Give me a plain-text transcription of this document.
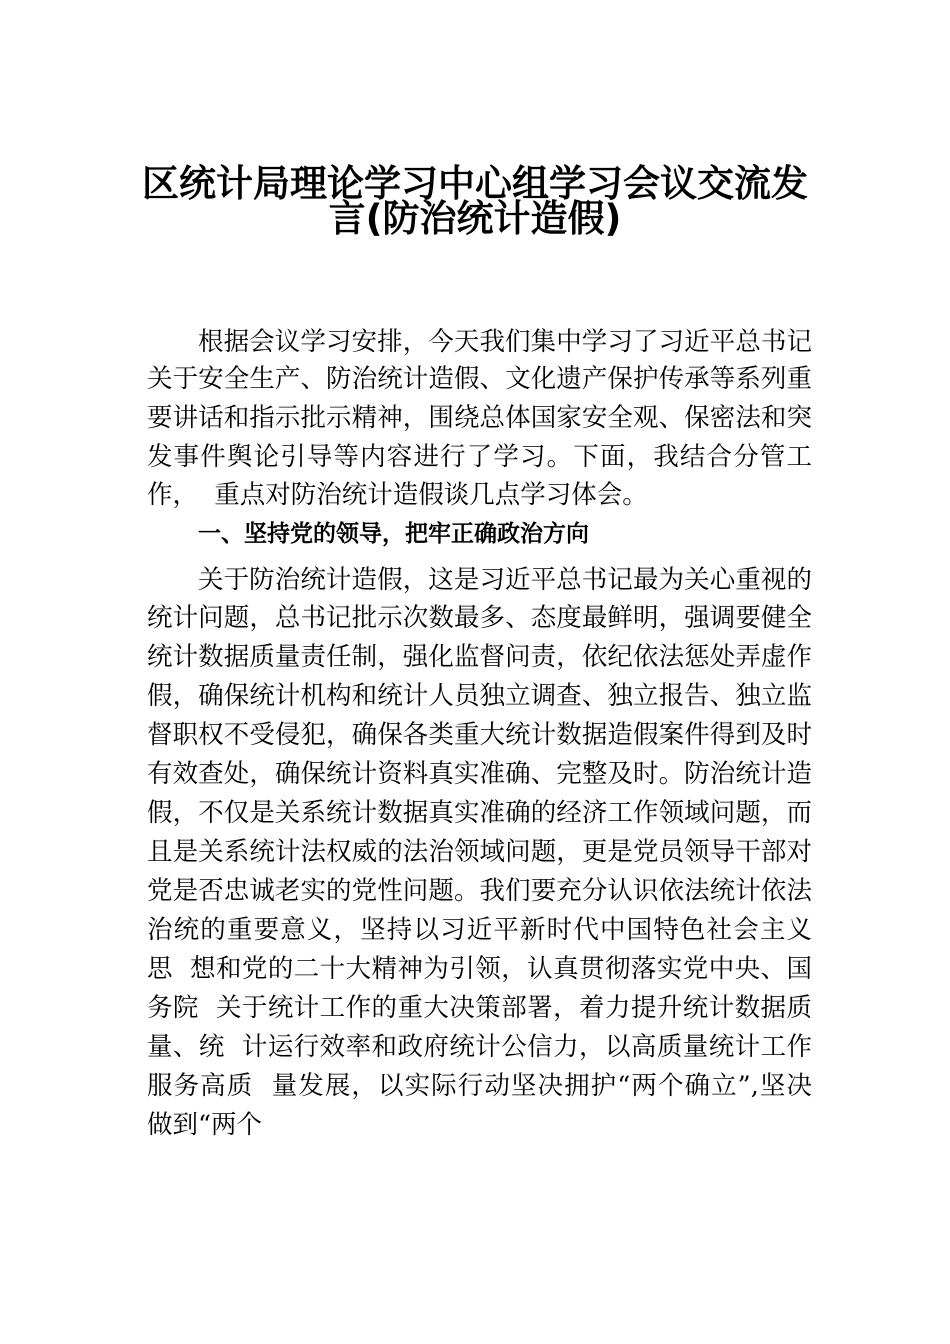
区统计局理论学习中心组学习会议交流发
言(防治统计造假)
根据会议学习安排，今天我们集中学习了习近平总书记
关于安全生产、防治统计造假、文化遗产保护传承等系列重
要讲话和指示批示精神，围绕总体国家安全观、保密法和突
发事件舆论引导等内容进行了学习。下面，我结合分管工
作，  重点对防治统计造假谈几点学习体会。
一、坚持党的领导，把牢正确政治方向
关于防治统计造假，这是习近平总书记最为关心重视的
统计问题，总书记批示次数最多、态度最鲜明，强调要健全
统计数据质量责任制，强化监督问责，依纪依法惩处弄虚作
假，确保统计机构和统计人员独立调查、独立报告、独立监
督职权不受侵犯，确保各类重大统计数据造假案件得到及时
有效查处，确保统计资料真实准确、完整及时。防治统计造
假，不仅是关系统计数据真实准确的经济工作领域问题，而
且是关系统计法权威的法治领域问题，更是党员领导干部对
党是否忠诚老实的党性问题。我们要充分认识依法统计依法
治统的重要意义，坚持以习近平新时代中国特色社会主义
思  想和党的二十大精神为引领，认真贯彻落实党中央、国
务院  关于统计工作的重大决策部署，着力提升统计数据质
量、统  计运行效率和政府统计公信力，以高质量统计工作
服务高质  量发展，以实际行动坚决拥护“两个确立”,坚决
做到“两个
